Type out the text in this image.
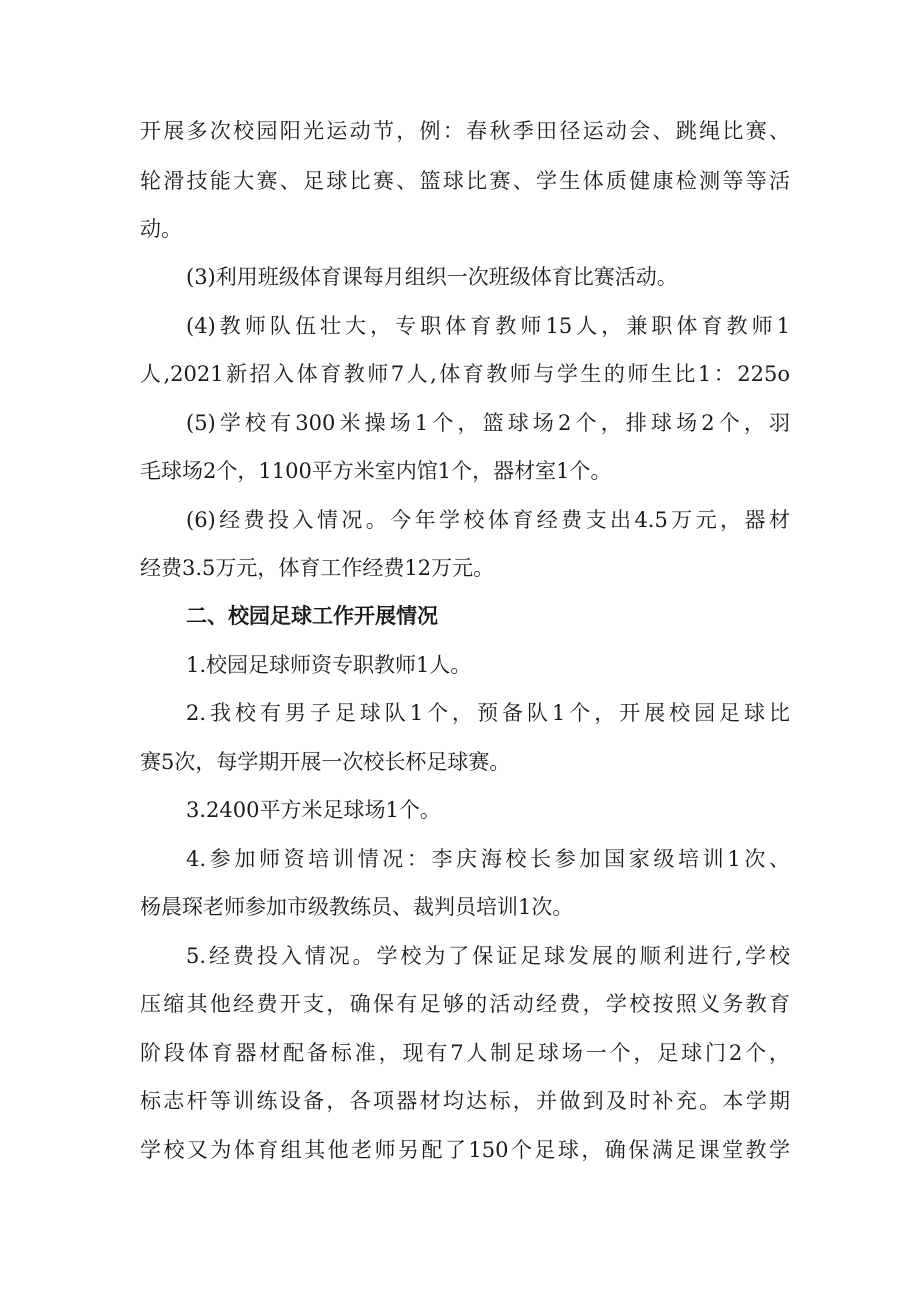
开展多次校园阳光运动节，例：春秋季田径运动会、跳绳比赛、
轮滑技能大赛、足球比赛、篮球比赛、学生体质健康检测等等活
动。
(3)利用班级体育课每月组织一次班级体育比赛活动。
(4)教师队伍壮大，专职体育教师15人，兼职体育教师1
人,2021新招入体育教师7人,体育教师与学生的师生比1：225o
(5)学校有300米操场1个，篮球场2个，排球场2个，羽
毛球场2个，1100平方米室内馆1个，器材室1个。
(6)经费投入情况。今年学校体育经费支出4.5万元，器材
经费3.5万元，体育工作经费12万元。
二、校园足球工作开展情况
1.校园足球师资专职教师1人。
2.我校有男子足球队1个，预备队1个，开展校园足球比
赛5次，每学期开展一次校长杯足球赛。
3.2400平方米足球场1个。
4.参加师资培训情况：李庆海校长参加国家级培训1次、
杨晨琛老师参加市级教练员、裁判员培训1次。
5.经费投入情况。学校为了保证足球发展的顺利进行,学校
压缩其他经费开支，确保有足够的活动经费，学校按照义务教育
阶段体育器材配备标准，现有7人制足球场一个，足球门2个，
标志杆等训练设备，各项器材均达标，并做到及时补充。本学期
学校又为体育组其他老师另配了150个足球，确保满足课堂教学
